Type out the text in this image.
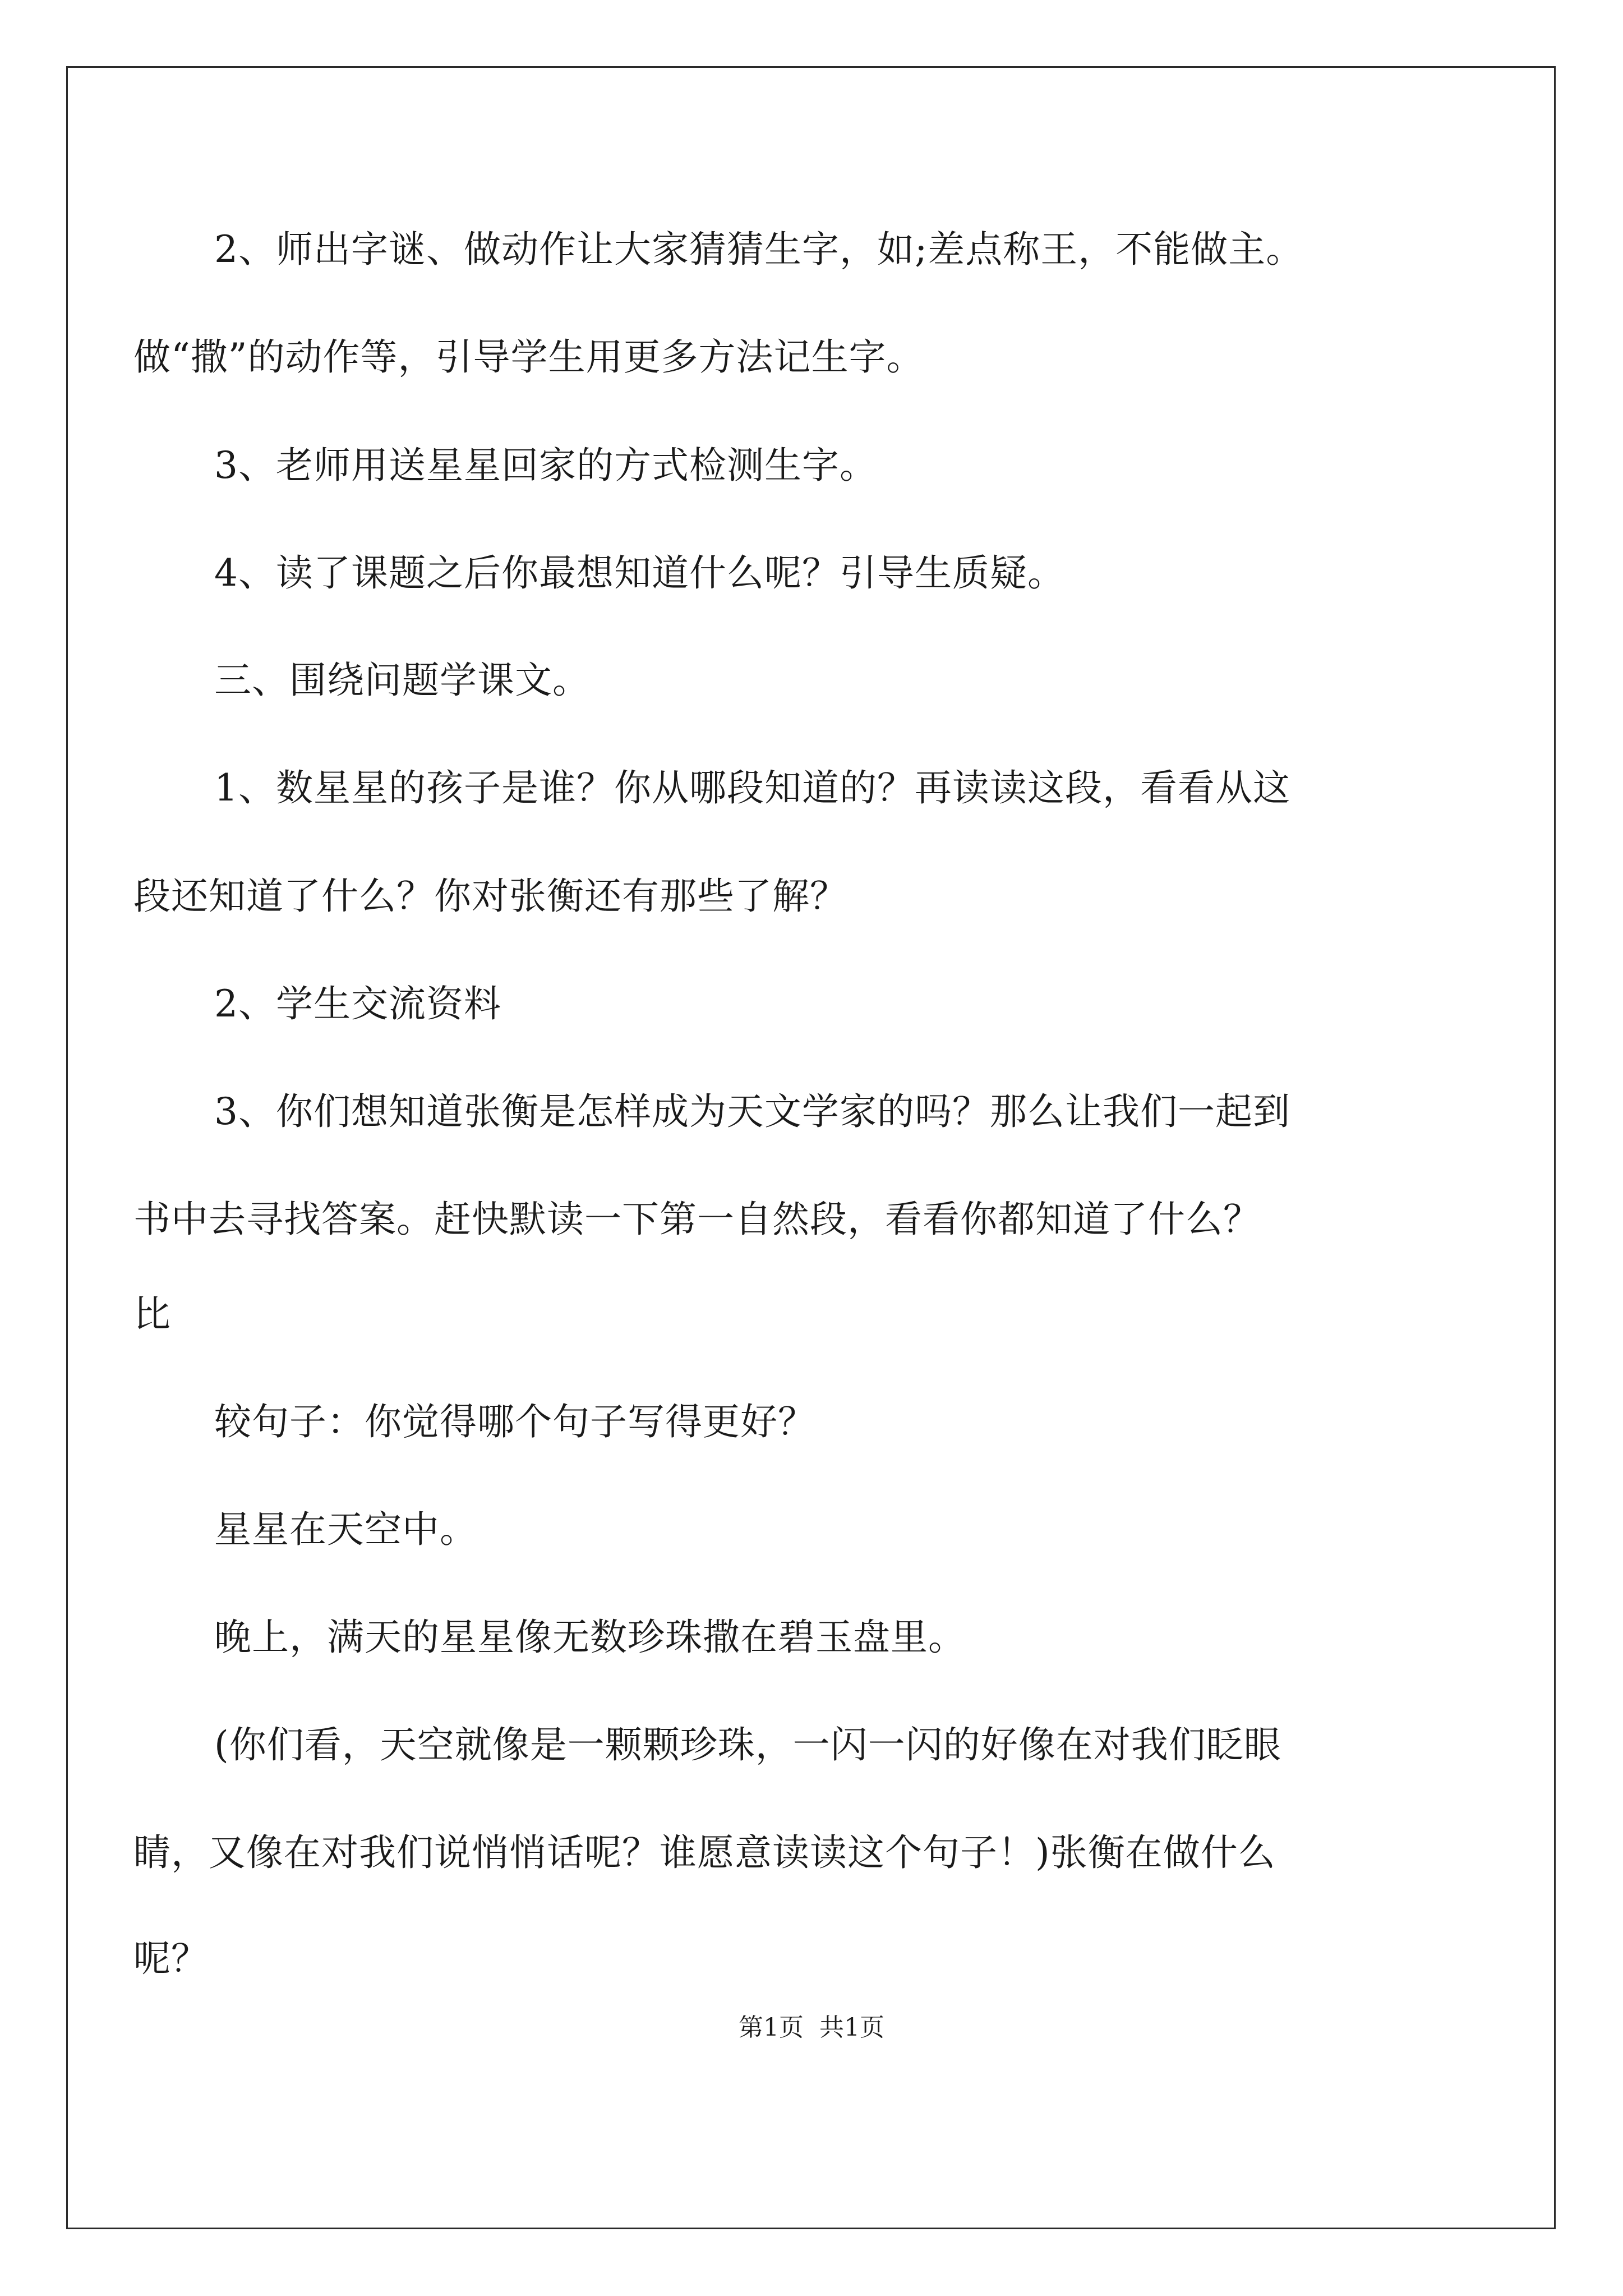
2、师出字谜、做动作让大家猜猜生字，如;差点称王，不能做主。
做“撒”的动作等，引导学生用更多方法记生字。
3、老师用送星星回家的方式检测生字。
4、读了课题之后你最想知道什么呢？引导生质疑。
三、围绕问题学课文。
1、数星星的孩子是谁？你从哪段知道的？再读读这段，看看从这
段还知道了什么？你对张衡还有那些了解？
2、学生交流资料
3、你们想知道张衡是怎样成为天文学家的吗？那么让我们一起到
书中去寻找答案。赶快默读一下第一自然段，看看你都知道了什么？
比
较句子：你觉得哪个句子写得更好？
星星在天空中。
晚上，满天的星星像无数珍珠撒在碧玉盘里。
(你们看，天空就像是一颗颗珍珠，一闪一闪的好像在对我们眨眼
睛，又像在对我们说悄悄话呢？谁愿意读读这个句子！)张衡在做什么
呢？
第1页 共1页
